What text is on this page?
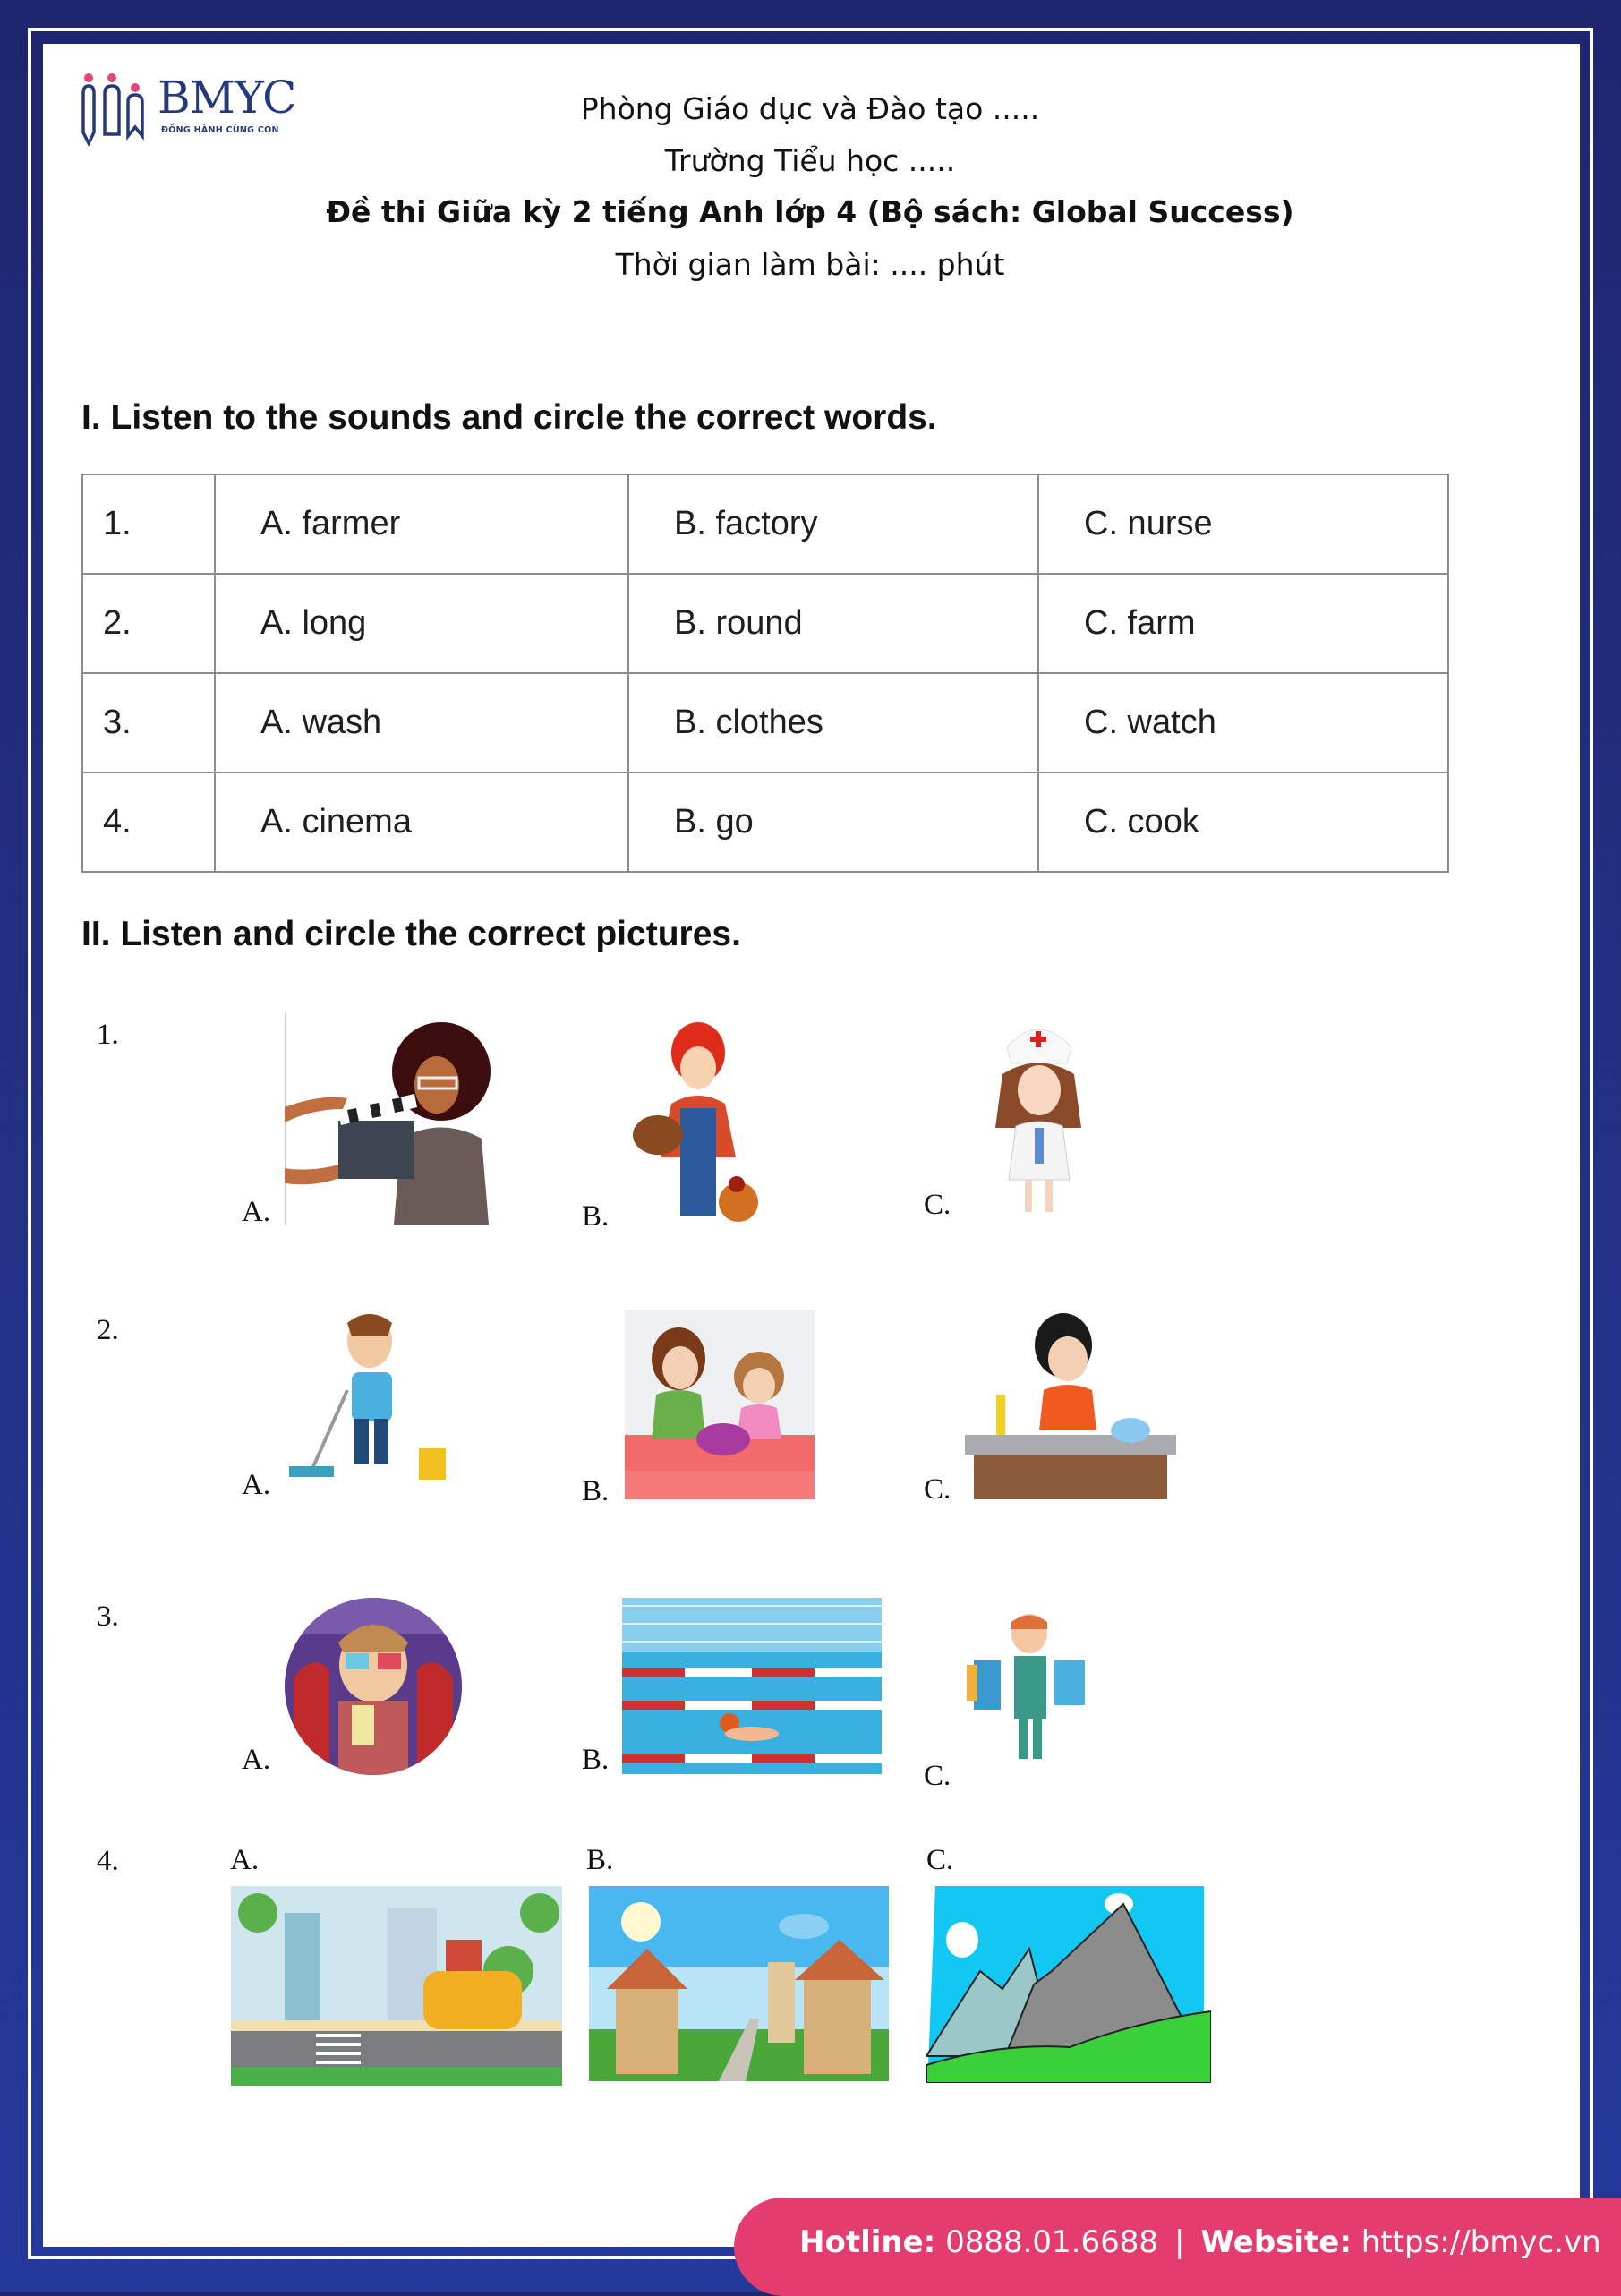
BMYC
ĐỒNG HÀNH CÙNG CON
Phòng Giáo dục và Đào tạo .....
Trường Tiểu học .....
Đề thi Giữa kỳ 2 tiếng Anh lớp 4 (Bộ sách: Global Success)
Thời gian làm bài: .... phút
I. Listen to the sounds and circle the correct words.
1.	A. farmer	B. factory	C. nurse
2.	A. long	B. round	C. farm
3.	A. wash	B. clothes	C. watch
4.	A. cinema	B. go	C. cook
II. Listen and circle the correct pictures.
1.
A.	B.	C.
2.
A.	B.	C.
3.
A.	B.	C.
4.	A.	B.	C.
Hotline: 0888.01.6688 | Website: https://bmyc.vn
